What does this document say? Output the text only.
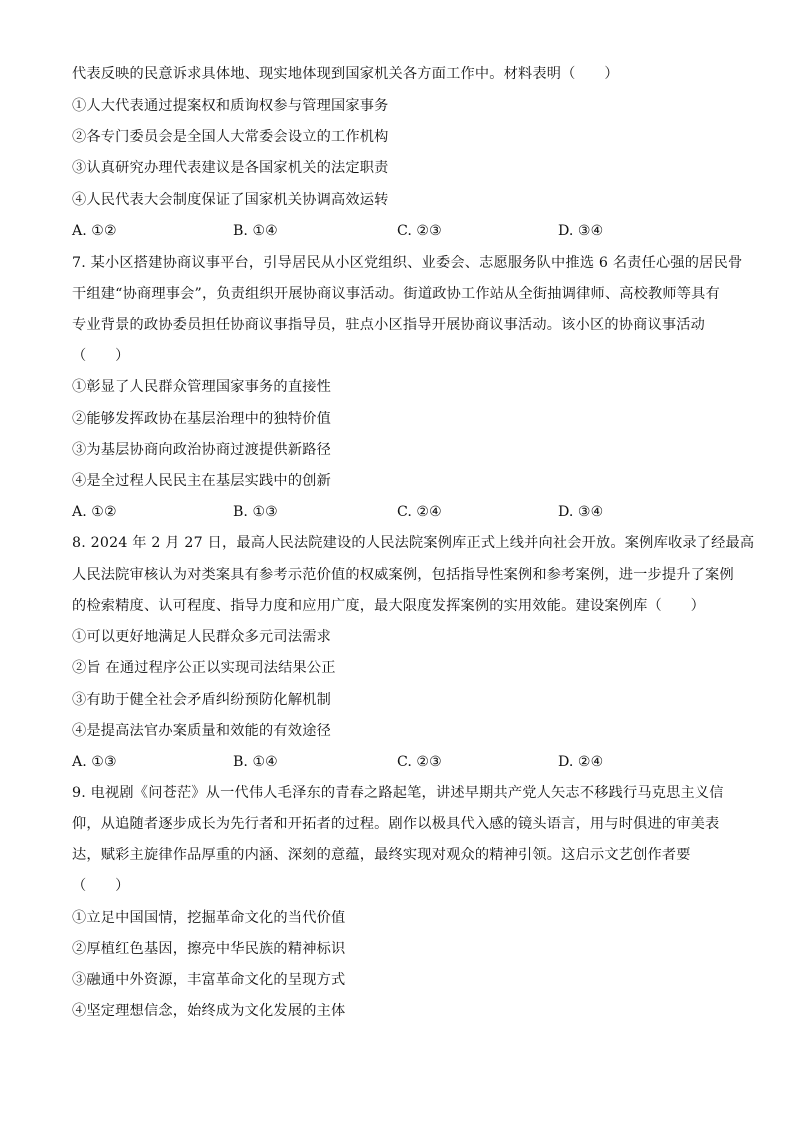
代表反映的民意诉求具体地、现实地体现到国家机关各方面工作中。材料表明（　　）
①人大代表通过提案权和质询权参与管理国家事务
②各专门委员会是全国人大常委会设立的工作机构
③认真研究办理代表建议是各国家机关的法定职责
④人民代表大会制度保证了国家机关协调高效运转
A. ①②	B. ①④	C. ②③	D. ③④
7. 某小区搭建协商议事平台，引导居民从小区党组织、业委会、志愿服务队中推选 6 名责任心强的居民骨
干组建“协商理事会”，负责组织开展协商议事活动。街道政协工作站从全街抽调律师、高校教师等具有
专业背景的政协委员担任协商议事指导员，驻点小区指导开展协商议事活动。该小区的协商议事活动
（　　）
①彰显了人民群众管理国家事务的直接性
②能够发挥政协在基层治理中的独特价值
③为基层协商向政治协商过渡提供新路径
④是全过程人民民主在基层实践中的创新
A. ①②	B. ①③	C. ②④	D. ③④
8. 2024 年 2 月 27 日，最高人民法院建设的人民法院案例库正式上线并向社会开放。案例库收录了经最高
人民法院审核认为对类案具有参考示范价值的权威案例，包括指导性案例和参考案例，进一步提升了案例
的检索精度、认可程度、指导力度和应用广度，最大限度发挥案例的实用效能。建设案例库（　　）
①可以更好地满足人民群众多元司法需求
②旨 在通过程序公正以实现司法结果公正
③有助于健全社会矛盾纠纷预防化解机制
④是提高法官办案质量和效能的有效途径
A. ①③	B. ①④	C. ②③	D. ②④
9. 电视剧《问苍茫》从一代伟人毛泽东的青春之路起笔，讲述早期共产党人矢志不移践行马克思主义信
仰，从追随者逐步成长为先行者和开拓者的过程。剧作以极具代入感的镜头语言，用与时俱进的审美表
达，赋彩主旋律作品厚重的内涵、深刻的意蕴，最终实现对观众的精神引领。这启示文艺创作者要
（　　）
①立足中国国情，挖掘革命文化的当代价值
②厚植红色基因，擦亮中华民族的精神标识
③融通中外资源，丰富革命文化的呈现方式
④坚定理想信念，始终成为文化发展的主体
